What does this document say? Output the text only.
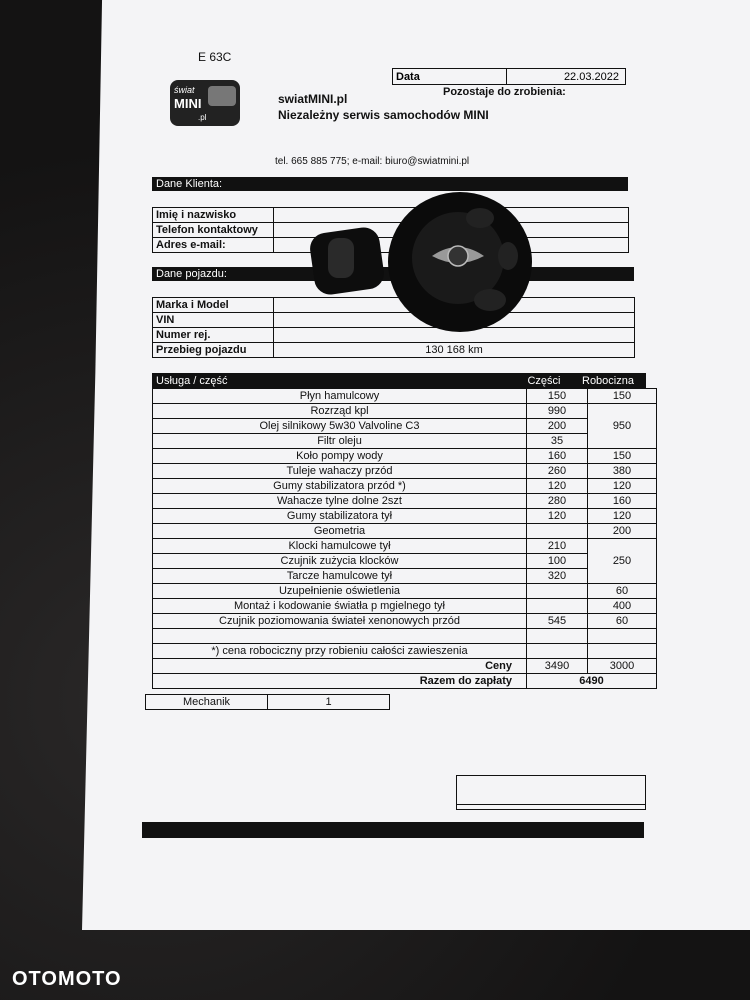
E 63C
świat
MINI
.pl
swiatMINI.pl
Niezależny serwis samochodów MINI
tel. 665 885 775; e-mail: biuro@swiatmini.pl
Data	22.03.2022
Pozostaje do zrobienia:
Dane Klienta:
Imię i nazwisko	
Telefon kontaktowy	
Adres e-mail:	
Dane pojazdu:
Marka i Model	
VIN	
Numer rej.	
Przebieg pojazdu	130 168 km
Usługa / część	Części	Robocizna
Płyn hamulcowy	150	150
Rozrząd kpl	990	950
Olej silnikowy 5w30 Valvoline C3	200	
Filtr oleju	35	
Koło pompy wody	160	150
Tuleje wahaczy przód	260	380
Gumy stabilizatora przód *)	120	120
Wahacze tylne dolne 2szt	280	160
Gumy stabilizatora tył	120	120
Geometria		200
Klocki hamulcowe tył	210	250
Czujnik zużycia klocków	100	
Tarcze hamulcowe tył	320	
Uzupełnienie oświetlenia		60
Montaż i kodowanie światła p mgielnego tył		400
Czujnik poziomowania świateł xenonowych przód	545	60

*) cena robociczny przy robieniu całości zawieszenia		
Ceny	3490	3000
Razem do zapłaty	6490	
Mechanik	1
OTOMOTO
